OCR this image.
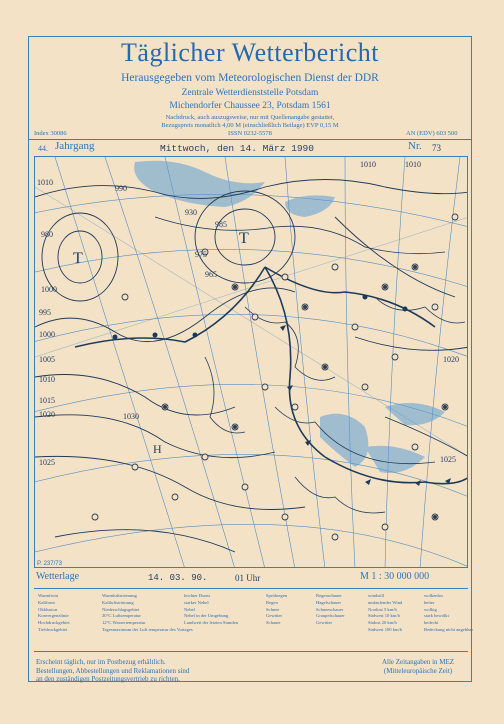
Täglicher Wetterbericht
Herausgegeben vom Meteorologischen Dienst der DDR
Zentrale Wetterdienststelle Potsdam
Michendorfer Chaussee 23, Potsdam 1561
Nachdruck, auch auszugsweise, nur mit Quellenangabe gestattet,
Bezugspreis monatlich 4,00 M (einschließlich Beilage) EVP 0,15 M
ISSN 0232-5578
Index 30086	AN (EDV) 603 500
44. Jahrgang	Mittwoch, den 14. März 1990	Nr. 73
T
T
H
1010
990
980
1000
985
975
995
1000
1005
1010
1015
1020
1025
1030
930
965
1020
1025
1010	1010
P. 237/73
Wetterlage	14. 03. 90.	01 Uhr	M 1 : 30 000 000
Warmfront
Kaltfront
Okklusion
Konvergenzlinie
Hochdruckgebiet
Tiefdruckgebiet
Warmluftströmung
Kaltluftströmung
Niederschlagsgebiet
20°C Luftsemperatur
12°C Wassertemperatur
Tagesmaximum der Luft temperatur des Vortages
leichter Dunst
starker Nebel
Nebel
Nebel in der Umgebung
Landweit der letzten Stunden
Sprühregen
Regen
Schnee
Gewitter
Schauer
Regenschauer
Hagelschauer
Schneeschauer
Graupelschauer
Gewitter
windstill
umlaufender Wind
Nordost 5 km/h
Südwest 10 km/h
Südost 20 km/h
Südwest 100 km/h
wolkenlos
heiter
wolkig
stark bewölkt
bedeckt
Bedeckung nicht angebbar
Erscheint täglich, nur im Postbezug erhältlich.
Bestellungen, Abbestellungen und Reklamationen sind
an den zuständigen Postzeitungsvertrieb zu richten.
Alle Zeitangaben in MEZ
(Mitteleuropäische Zeit)
